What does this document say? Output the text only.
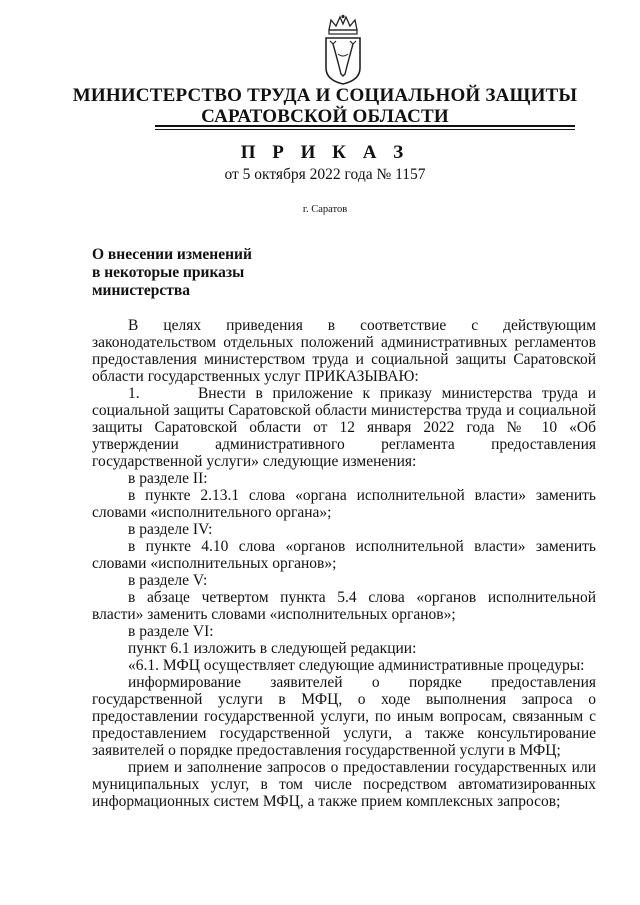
МИНИСТЕРСТВО ТРУДА И СОЦИАЛЬНОЙ ЗАЩИТЫ
САРАТОВСКОЙ ОБЛАСТИ
П Р И К А З
от 5 октября 2022 года № 1157
г. Саратов
О внесении изменений
в некоторые приказы
министерства

В целях приведения в соответствие с действующим законодательством отдельных положений административных регламентов предоставления министерством труда и социальной защиты Саратовской области государственных услуг ПРИКАЗЫВАЮ:

1.      Внести в приложение к приказу министерства труда и социальной защиты Саратовской области министерства труда и социальной защиты Саратовской области от 12 января 2022 года № 10 «Об утверждении административного регламента предоставления государственной услуги» следующие изменения:

в разделе II:

в пункте 2.13.1 слова «органа исполнительной власти» заменить словами «исполнительного органа»;

в разделе IV:

в пункте 4.10 слова «органов исполнительной власти» заменить словами «исполнительных органов»;

в разделе V:

в абзаце четвертом пункта 5.4 слова «органов исполнительной власти» заменить словами «исполнительных органов»;

в разделе VI:

пункт 6.1 изложить в следующей редакции:

«6.1. МФЦ осуществляет следующие административные процедуры:

информирование заявителей о порядке предоставления государственной услуги в МФЦ, о ходе выполнения запроса о предоставлении государственной услуги, по иным вопросам, связанным с предоставлением государственной услуги, а также консультирование заявителей о порядке предоставления государственной услуги в МФЦ;

прием и заполнение запросов о предоставлении государственных или муниципальных услуг, в том числе посредством автоматизированных информационных систем МФЦ, а также прием комплексных запросов;
